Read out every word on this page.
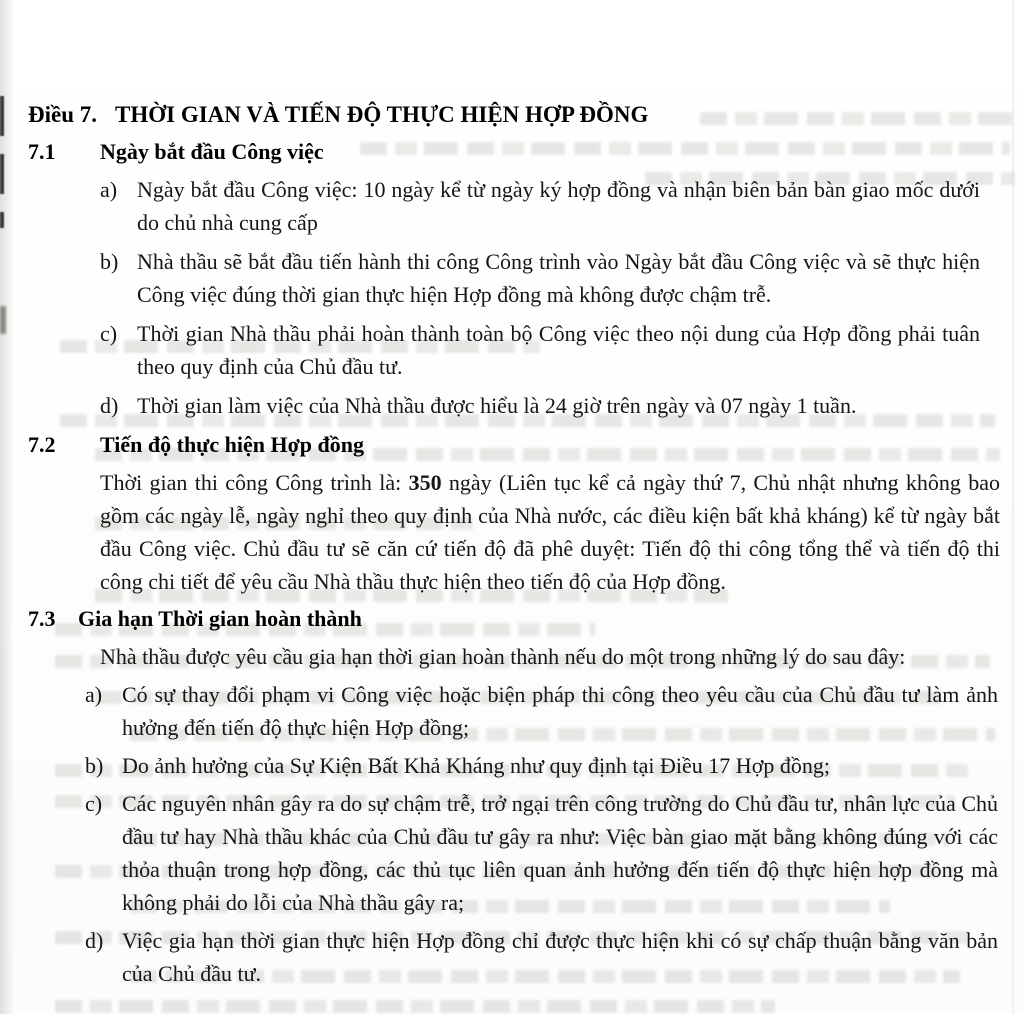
Điều 7. THỜI GIAN VÀ TIẾN ĐỘ THỰC HIỆN HỢP ĐỒNG
7.1	Ngày bắt đầu Công việc
a) Ngày bắt đầu Công việc: 10 ngày kể từ ngày ký hợp đồng và nhận biên bản bàn giao mốc dưới do chủ nhà cung cấp
b) Nhà thầu sẽ bắt đầu tiến hành thi công Công trình vào Ngày bắt đầu Công việc và sẽ thực hiện Công việc đúng thời gian thực hiện Hợp đồng mà không được chậm trễ.
c) Thời gian Nhà thầu phải hoàn thành toàn bộ Công việc theo nội dung của Hợp đồng phải tuân theo quy định của Chủ đầu tư.
d) Thời gian làm việc của Nhà thầu được hiểu là 24 giờ trên ngày và 07 ngày 1 tuần.
7.2	Tiến độ thực hiện Hợp đồng

Thời gian thi công Công trình là: 350 ngày (Liên tục kể cả ngày thứ 7, Chủ nhật nhưng không bao gồm các ngày lễ, ngày nghỉ theo quy định của Nhà nước, các điều kiện bất khả kháng) kể từ ngày bắt đầu Công việc. Chủ đầu tư sẽ căn cứ tiến độ đã phê duyệt: Tiến độ thi công tổng thể và tiến độ thi công chi tiết để yêu cầu Nhà thầu thực hiện theo tiến độ của Hợp đồng.

7.3	Gia hạn Thời gian hoàn thành

Nhà thầu được yêu cầu gia hạn thời gian hoàn thành nếu do một trong những lý do sau đây:

a) Có sự thay đổi phạm vi Công việc hoặc biện pháp thi công theo yêu cầu của Chủ đầu tư làm ảnh hưởng đến tiến độ thực hiện Hợp đồng;
b) Do ảnh hưởng của Sự Kiện Bất Khả Kháng như quy định tại Điều 17 Hợp đồng;
c) Các nguyên nhân gây ra do sự chậm trễ, trở ngại trên công trường do Chủ đầu tư, nhân lực của Chủ đầu tư hay Nhà thầu khác của Chủ đầu tư gây ra như: Việc bàn giao mặt bằng không đúng với các thỏa thuận trong hợp đồng, các thủ tục liên quan ảnh hưởng đến tiến độ thực hiện hợp đồng mà không phải do lỗi của Nhà thầu gây ra;
d) Việc gia hạn thời gian thực hiện Hợp đồng chỉ được thực hiện khi có sự chấp thuận bằng văn bản của Chủ đầu tư.
